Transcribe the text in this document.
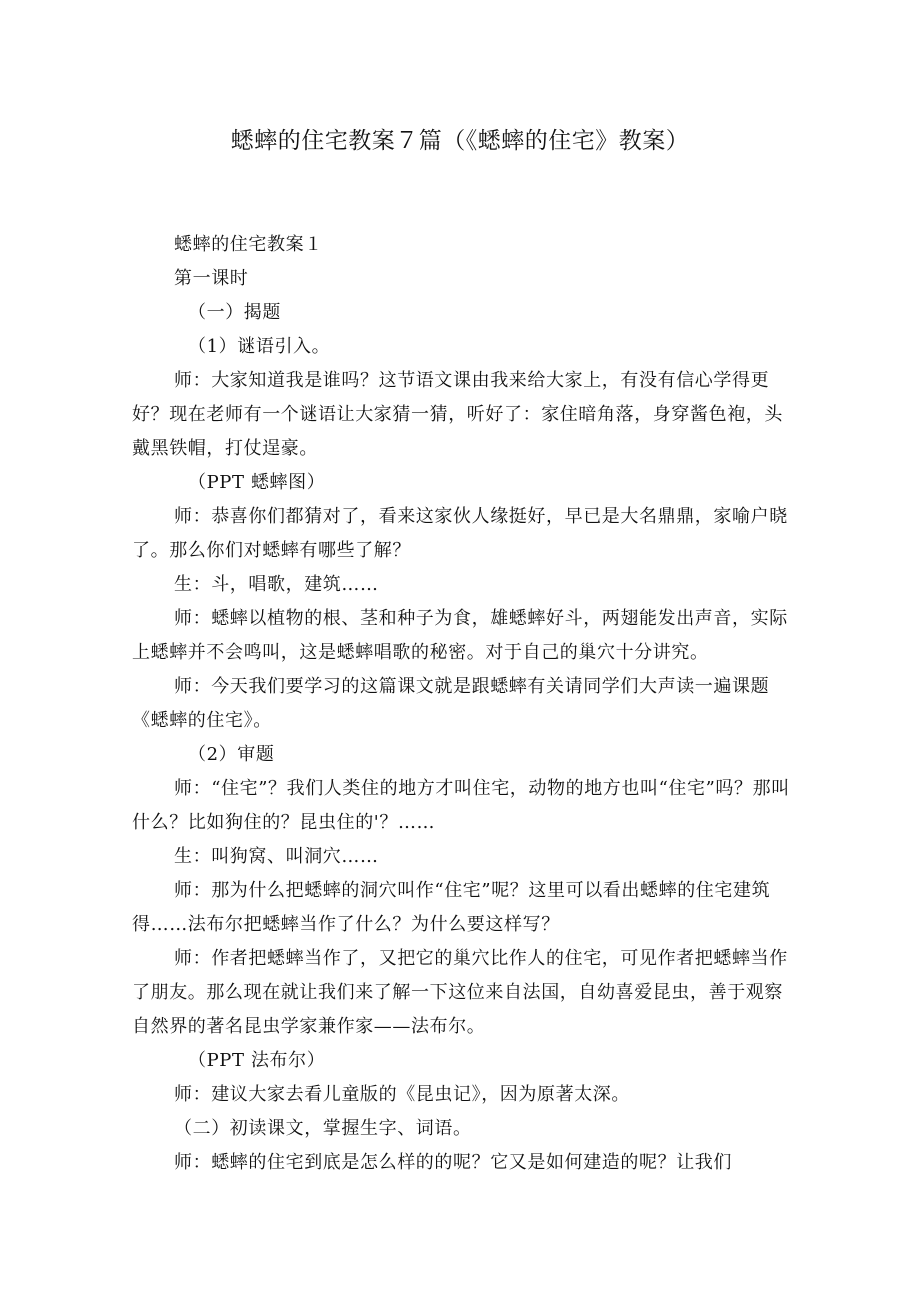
蟋蟀的住宅教案７篇（《蟋蟀的住宅》教案）

蟋蟀的住宅教案１

第一课时

（一）揭题

（1）谜语引入。

师：大家知道我是谁吗？这节语文课由我来给大家上，有没有信心学得更好？现在老师有一个谜语让大家猜一猜，听好了：家住暗角落，身穿酱色袍，头戴黑铁帽，打仗逞豪。

（PPT 蟋蟀图）

师：恭喜你们都猜对了，看来这家伙人缘挺好，早已是大名鼎鼎，家喻户晓了。那么你们对蟋蟀有哪些了解？

生：斗，唱歌，建筑……

师：蟋蟀以植物的根、茎和种子为食，雄蟋蟀好斗，两翅能发出声音，实际上蟋蟀并不会鸣叫，这是蟋蟀唱歌的秘密。对于自己的巢穴十分讲究。

师：今天我们要学习的这篇课文就是跟蟋蟀有关请同学们大声读一遍课题《蟋蟀的住宅》。

（2）审题

师：“住宅”？我们人类住的地方才叫住宅，动物的地方也叫“住宅”吗？那叫什么？比如狗住的？昆虫住的'？……

生：叫狗窝、叫洞穴……

师：那为什么把蟋蟀的洞穴叫作“住宅”呢？这里可以看出蟋蟀的住宅建筑得……法布尔把蟋蟀当作了什么？为什么要这样写？

师：作者把蟋蟀当作了，又把它的巢穴比作人的住宅，可见作者把蟋蟀当作了朋友。那么现在就让我们来了解一下这位来自法国，自幼喜爱昆虫，善于观察自然界的著名昆虫学家兼作家——法布尔。

（PPT 法布尔）

师：建议大家去看儿童版的《昆虫记》，因为原著太深。

（二）初读课文，掌握生字、词语。

师：蟋蟀的住宅到底是怎么样的的呢？它又是如何建造的呢？让我们
